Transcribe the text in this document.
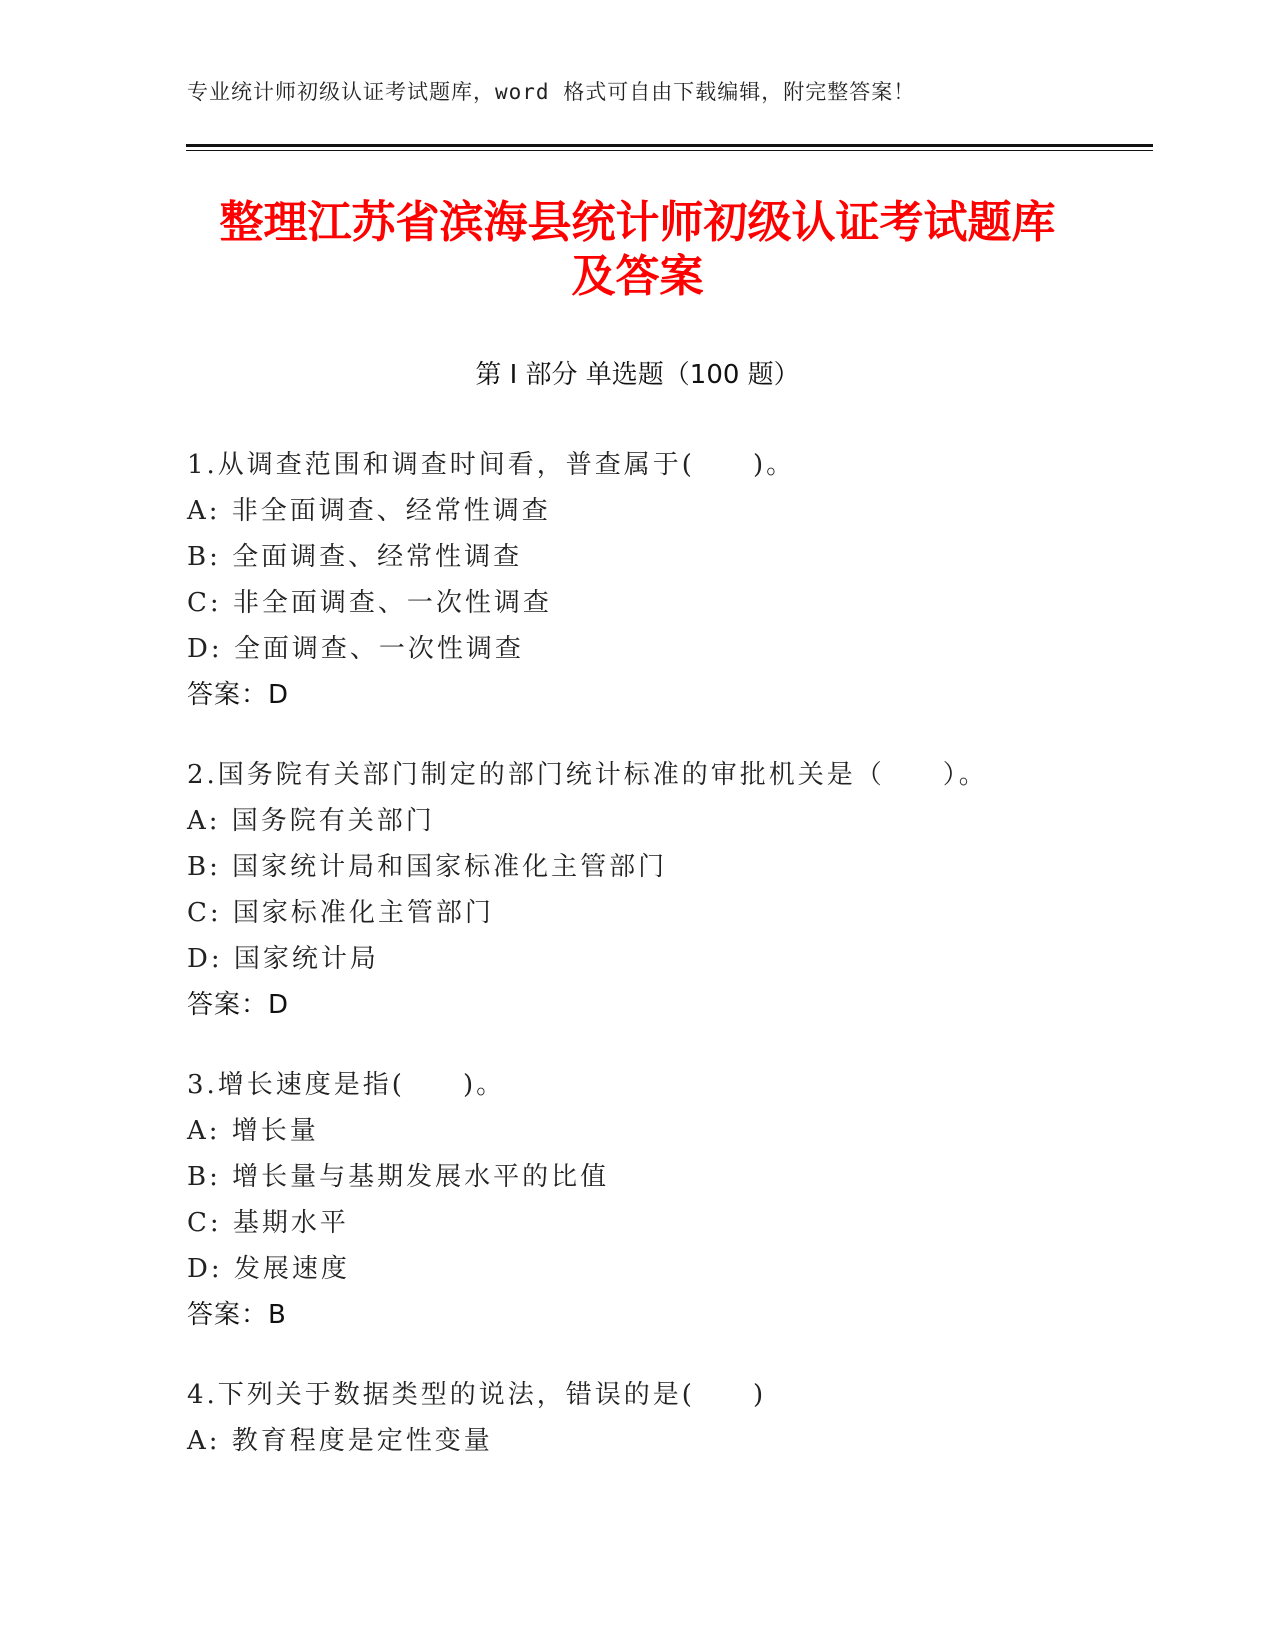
专业统计师初级认证考试题库，word 格式可自由下载编辑，附完整答案！
整理江苏省滨海县统计师初级认证考试题库
及答案
第 I 部分 单选题（100 题）
1.从调查范围和调查时间看，普查属于(　　)。
A: 非全面调查、经常性调查
B: 全面调查、经常性调查
C: 非全面调查、一次性调查
D: 全面调查、一次性调查
答案：D
2.国务院有关部门制定的部门统计标准的审批机关是（　　）。
A: 国务院有关部门
B: 国家统计局和国家标准化主管部门
C: 国家标准化主管部门
D: 国家统计局
答案：D
3.增长速度是指(　　)。
A: 增长量
B: 增长量与基期发展水平的比值
C: 基期水平
D: 发展速度
答案：B
4.下列关于数据类型的说法，错误的是(　　)
A: 教育程度是定性变量
